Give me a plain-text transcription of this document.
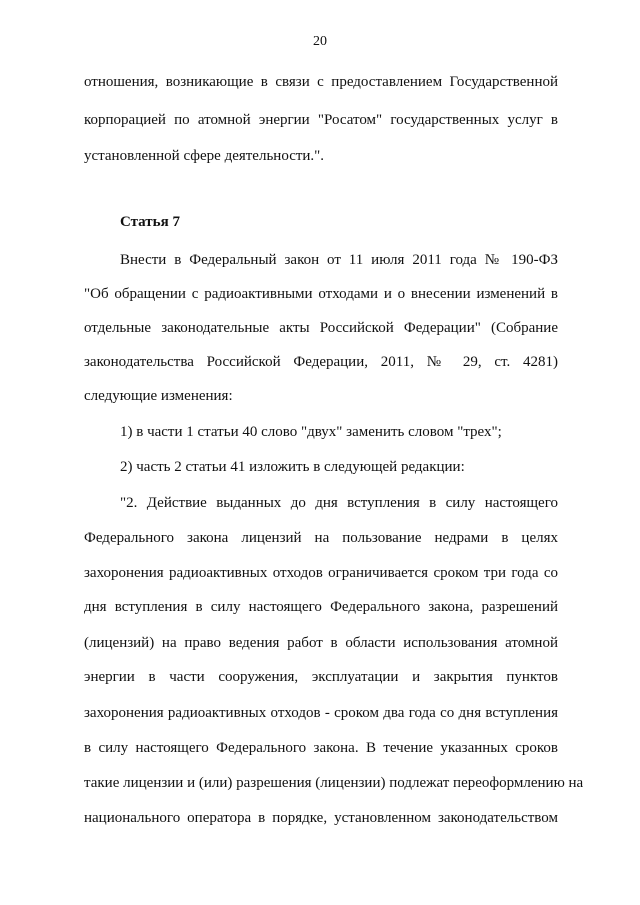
20
отношения, возникающие в связи с предоставлением Государственной
корпорацией по атомной энергии "Росатом" государственных услуг в
установленной сфере деятельности.".
Статья 7
Внести в Федеральный закон от 11 июля 2011 года № 190-ФЗ
"Об обращении с радиоактивными отходами и о внесении изменений в
отдельные законодательные акты Российской Федерации" (Собрание
законодательства Российской Федерации, 2011, № 29, ст. 4281)
следующие изменения:
1) в части 1 статьи 40 слово "двух" заменить словом "трех";
2) часть 2 статьи 41 изложить в следующей редакции:
"2. Действие выданных до дня вступления в силу настоящего
Федерального закона лицензий на пользование недрами в целях
захоронения радиоактивных отходов ограничивается сроком три года со
дня вступления в силу настоящего Федерального закона, разрешений
(лицензий) на право ведения работ в области использования атомной
энергии в части сооружения, эксплуатации и закрытия пунктов
захоронения радиоактивных отходов - сроком два года со дня вступления
в силу настоящего Федерального закона. В течение указанных сроков
такие лицензии и (или) разрешения (лицензии) подлежат переоформлению на
национального оператора в порядке, установленном законодательством
